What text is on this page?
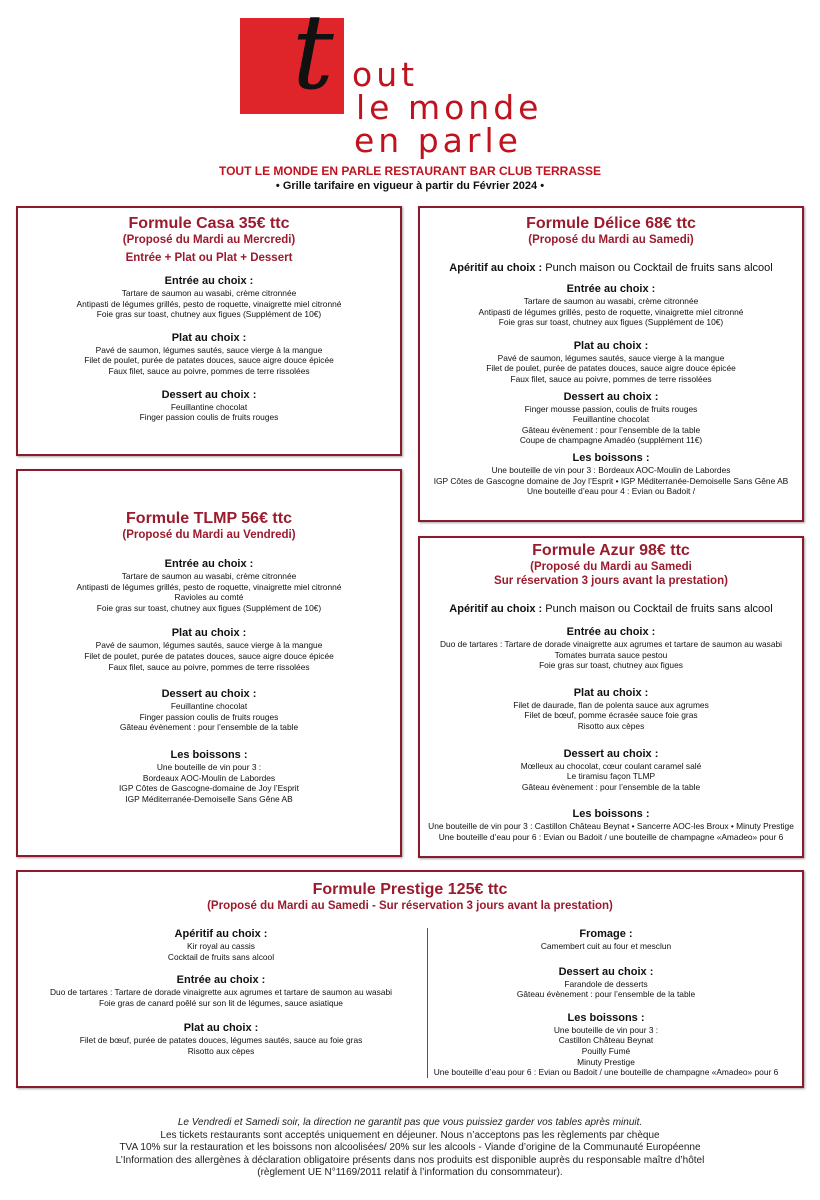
t out
le monde
en parle
TOUT LE MONDE EN PARLE RESTAURANT BAR CLUB TERRASSE
• Grille tarifaire en vigueur à partir du Février 2024 •
Formule Casa 35€ ttc
(Proposé du Mardi au Mercredi)
Entrée + Plat ou Plat + Dessert
Entrée au choix :
Tartare de saumon au wasabi, crème citronnée
Antipasti de légumes grillés, pesto de roquette, vinaigrette miel citronné
Foie gras sur toast, chutney aux figues (Supplément de 10€)
Plat au choix :
Pavé de saumon, légumes sautés, sauce vierge à la mangue
Filet de poulet, purée de patates douces, sauce aigre douce épicée
Faux filet, sauce au poivre, pommes de terre rissolées
Dessert au choix :
Feuillantine chocolat
Finger passion coulis de fruits rouges
Formule Délice 68€ ttc
(Proposé du Mardi au Samedi)
Apéritif au choix : Punch maison ou Cocktail de fruits sans alcool
Entrée au choix :
Tartare de saumon au wasabi, crème citronnée
Antipasti de légumes grillés, pesto de roquette, vinaigrette miel citronné
Foie gras sur toast, chutney aux figues (Supplément de 10€)
Plat au choix :
Pavé de saumon, légumes sautés, sauce vierge à la mangue
Filet de poulet, purée de patates douces, sauce aigre douce épicée
Faux filet, sauce au poivre, pommes de terre rissolées
Dessert au choix :
Finger mousse passion, coulis de fruits rouges
Feuillantine chocolat
Gâteau évènement : pour l’ensemble de la table
Coupe de champagne Amadéo (supplément 11€)
Les boissons :
Une bouteille de vin pour 3 : Bordeaux AOC-Moulin de Labordes
IGP Côtes de Gascogne domaine de Joy l’Esprit • IGP Méditerranée-Demoiselle Sans Gêne AB
Une bouteille d’eau pour 4 : Evian ou Badoit /
Formule TLMP 56€ ttc
(Proposé du Mardi au Vendredi)
Entrée au choix :
Tartare de saumon au wasabi, crème citronnée
Antipasti de légumes grillés, pesto de roquette, vinaigrette miel citronné
Ravioles au comté
Foie gras sur toast, chutney aux figues (Supplément de 10€)
Plat au choix :
Pavé de saumon, légumes sautés, sauce vierge à la mangue
Filet de poulet, purée de patates douces, sauce aigre douce épicée
Faux filet, sauce au poivre, pommes de terre rissolées
Dessert au choix :
Feuillantine chocolat
Finger passion coulis de fruits rouges
Gâteau évènement : pour l’ensemble de la table
Les boissons :
Une bouteille de vin pour 3 :
Bordeaux AOC-Moulin de Labordes
IGP Côtes de Gascogne-domaine de Joy l’Esprit
IGP Méditerranée-Demoiselle Sans Gêne AB
Formule Azur 98€ ttc
(Proposé du Mardi au Samedi
Sur réservation 3 jours avant la prestation)
Apéritif au choix : Punch maison ou Cocktail de fruits sans alcool
Entrée au choix :
Duo de tartares : Tartare de dorade vinaigrette aux agrumes et tartare de saumon au wasabi
Tomates burrata sauce pestou
Foie gras sur toast, chutney aux figues
Plat au choix :
Filet de daurade, flan de polenta sauce aux agrumes
Filet de bœuf, pomme écrasée sauce foie gras
Risotto aux cèpes
Dessert au choix :
Mœlleux au chocolat, cœur coulant caramel salé
Le tiramisu façon TLMP
Gâteau évènement : pour l’ensemble de la table
Les boissons :
Une bouteille de vin pour 3 : Castillon Château Beynat • Sancerre AOC-les Broux • Minuty Prestige
Une bouteille d’eau pour 6 : Evian ou Badoit / une bouteille de champagne «Amadeo» pour 6
Formule Prestige 125€ ttc
(Proposé du Mardi au Samedi - Sur réservation 3 jours avant la prestation)
Apéritif au choix :
Kir royal au cassis
Cocktail de fruits sans alcool
Entrée au choix :
Duo de tartares : Tartare de dorade vinaigrette aux agrumes et tartare de saumon au wasabi
Foie gras de canard poêlé sur son lit de légumes, sauce asiatique
Plat au choix :
Filet de bœuf, purée de patates douces, légumes sautés, sauce au foie gras
Risotto aux cèpes
Fromage :
Camembert cuit au four et mesclun
Dessert au choix :
Farandole de desserts
Gâteau évènement : pour l’ensemble de la table
Les boissons :
Une bouteille de vin pour 3 :
Castillon Château Beynat
Pouilly Fumé
Minuty Prestige
Une bouteille d’eau pour 6 : Evian ou Badoit / une bouteille de champagne «Amadeo» pour 6
Le Vendredi et Samedi soir, la direction ne garantit pas que vous puissiez garder vos tables après minuit.
Les tickets restaurants sont acceptés uniquement en déjeuner. Nous n’acceptons pas les règlements par chèque
TVA 10% sur la restauration et les boissons non alcoolisées/ 20% sur les alcools - Viande d’origine de la Communauté Européenne
L’Information des allergènes à déclaration obligatoire présents dans nos produits est disponible auprès du responsable maître d’hôtel
(règlement UE N°1169/2011 relatif à l’information du consommateur).
